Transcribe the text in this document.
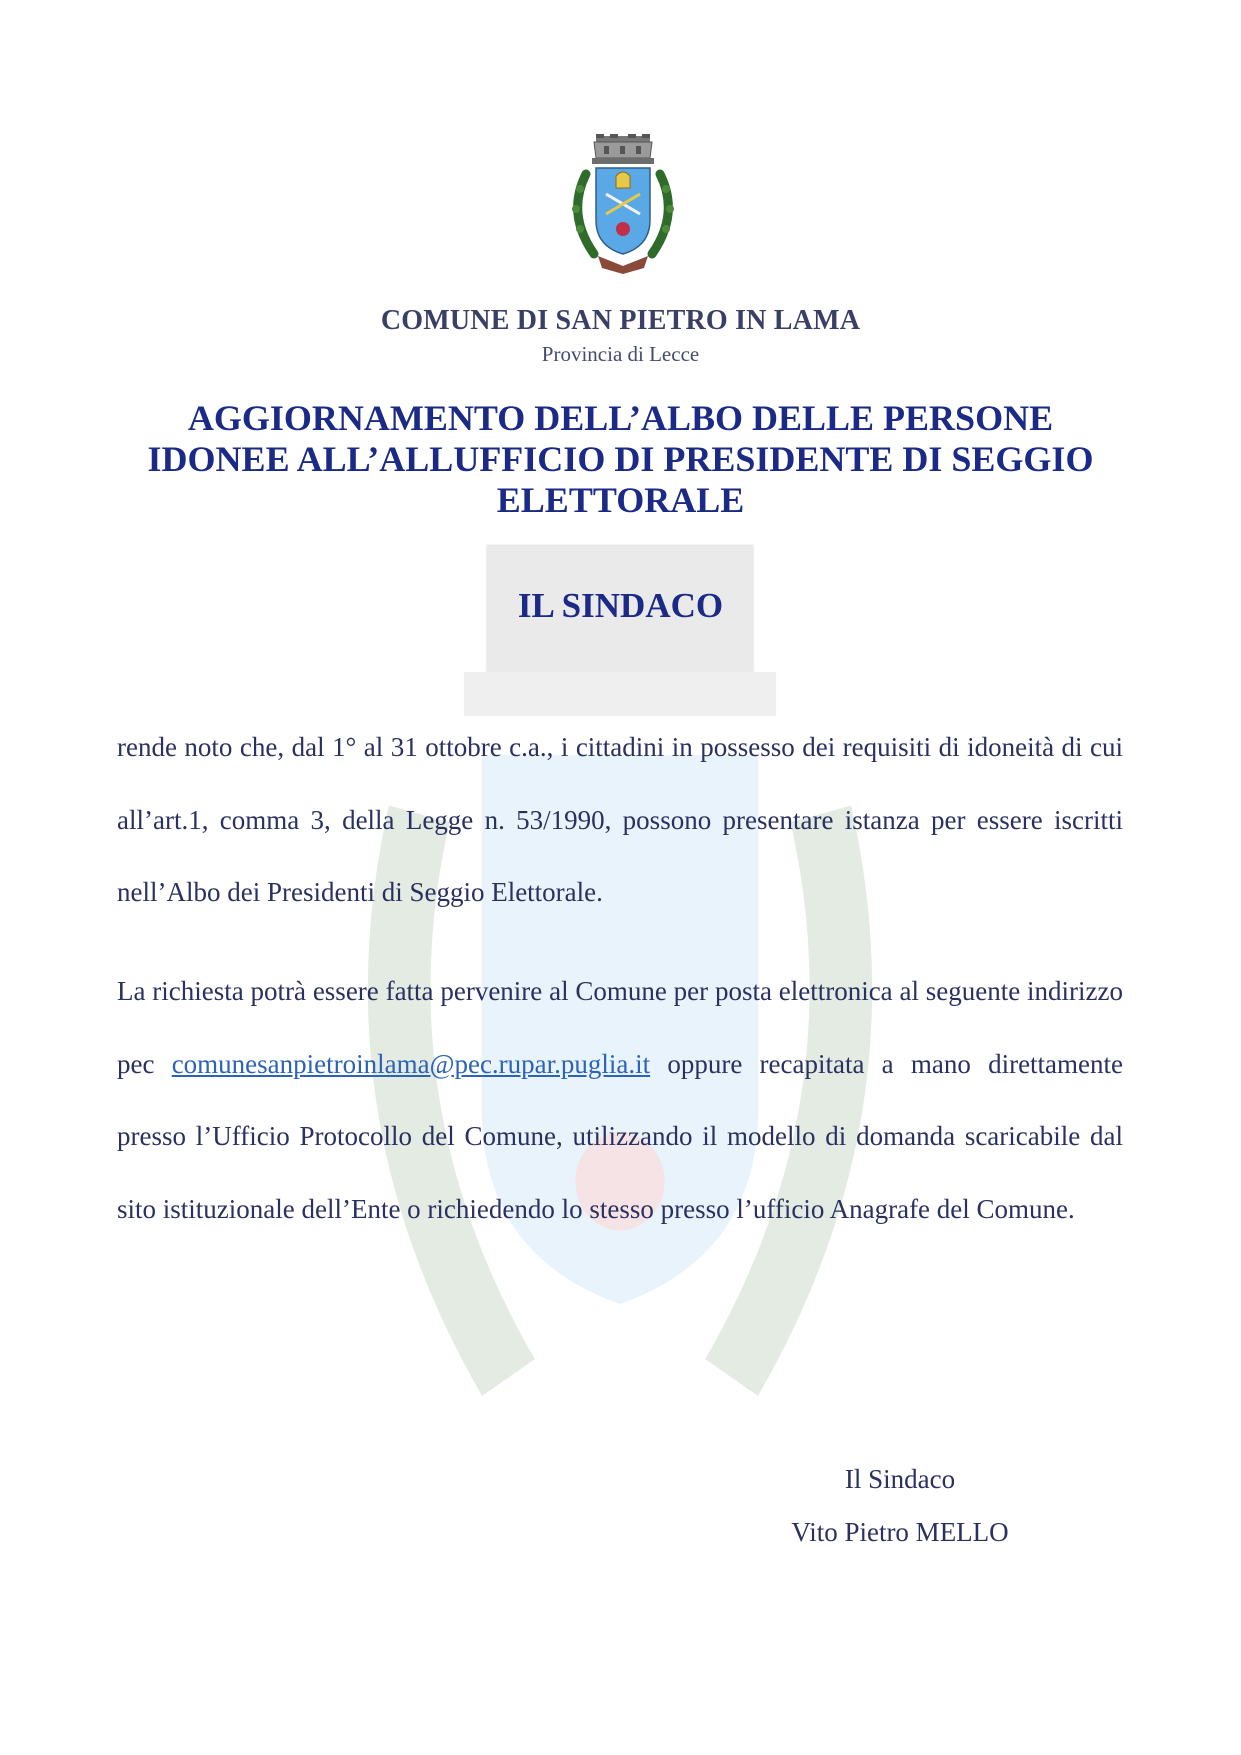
COMUNE DI SAN PIETRO IN LAMA
Provincia di Lecce
AGGIORNAMENTO DELL’ALBO DELLE PERSONE
IDONEE ALL’ALLUFFICIO DI PRESIDENTE DI SEGGIO
ELETTORALE
IL SINDACO

rende noto che, dal 1° al 31 ottobre c.a., i cittadini in possesso dei requisiti di idoneità di cui all’art.1, comma 3, della Legge n. 53/1990, possono presentare istanza per essere iscritti nell’Albo dei Presidenti di Seggio Elettorale.

La richiesta potrà essere fatta pervenire al Comune per posta elettronica al seguente indirizzo pec comunesanpietroinlama@pec.rupar.puglia.it oppure recapitata a mano direttamente presso l’Ufficio Protocollo del Comune, utilizzando il modello di domanda scaricabile dal sito istituzionale dell’Ente o richiedendo lo stesso presso l’ufficio Anagrafe del Comune.

Il Sindaco
Vito Pietro MELLO
